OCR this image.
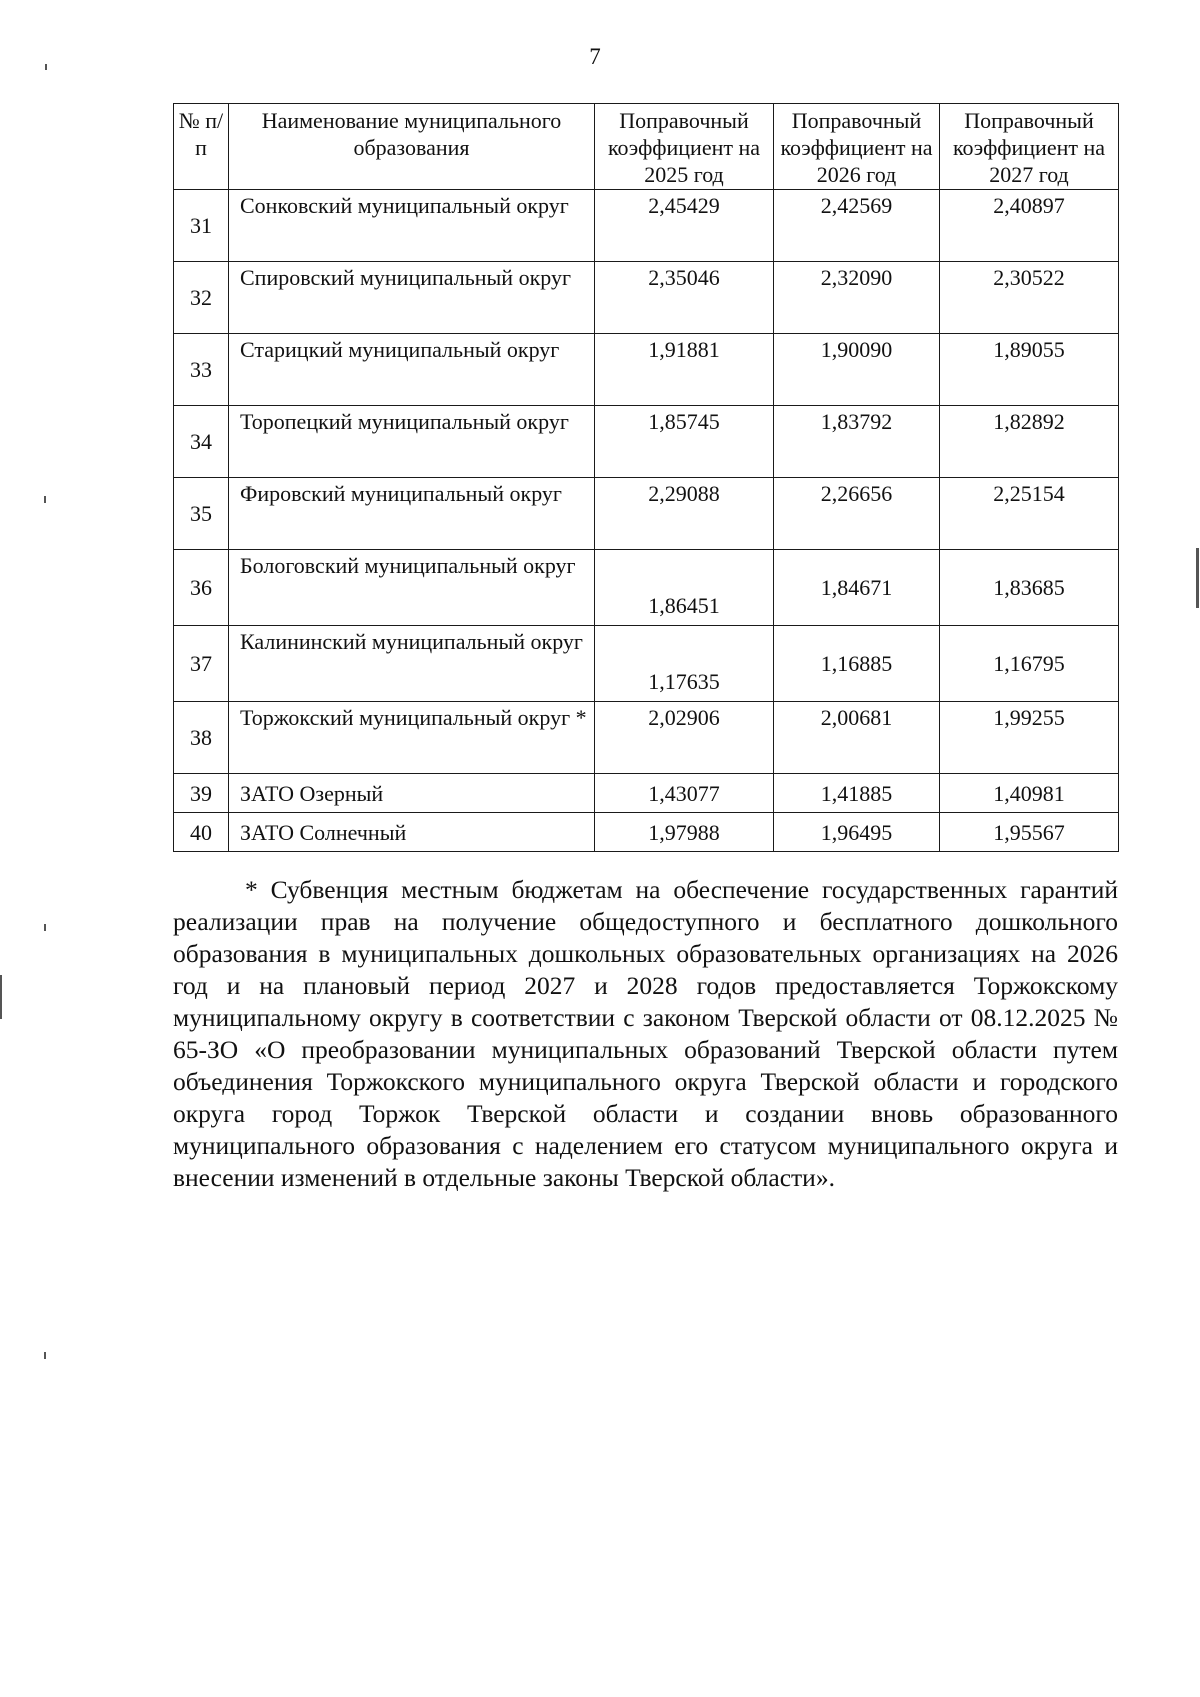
7
№ п/п	Наименование муниципального образования	Поправочный коэффициент на 2025 год	Поправочный коэффициент на 2026 год	Поправочный коэффициент на 2027 год
31	Сонковский муниципальный округ	2,45429	2,42569	2,40897
32	Спировский муниципальный округ	2,35046	2,32090	2,30522
33	Старицкий муниципальный округ	1,91881	1,90090	1,89055
34	Торопецкий муниципальный округ	1,85745	1,83792	1,82892
35	Фировский муниципальный округ	2,29088	2,26656	2,25154
36	Бологовский муниципальный округ	1,86451	1,84671	1,83685
37	Калининский муниципальный округ	1,17635	1,16885	1,16795
38	Торжокский муниципальный округ *	2,02906	2,00681	1,99255
39	ЗАТО Озерный	1,43077	1,41885	1,40981
40	ЗАТО Солнечный	1,97988	1,96495	1,95567

* Субвенция местным бюджетам на обеспечение государственных гарантий реализации прав на получение общедоступного и бесплатного дошкольного образования в муниципальных дошкольных образовательных организациях на 2026 год и на плановый период 2027 и 2028 годов предоставляется Торжокскому муниципальному округу в соответствии с законом Тверской области от 08.12.2025 № 65-ЗО «О преобразовании муниципальных образований Тверской области путем объединения Торжокского муниципального округа Тверской области и городского округа город Торжок Тверской области и создании вновь образованного муниципального образования с наделением его статусом муниципального округа и внесении изменений в отдельные законы Тверской области».
